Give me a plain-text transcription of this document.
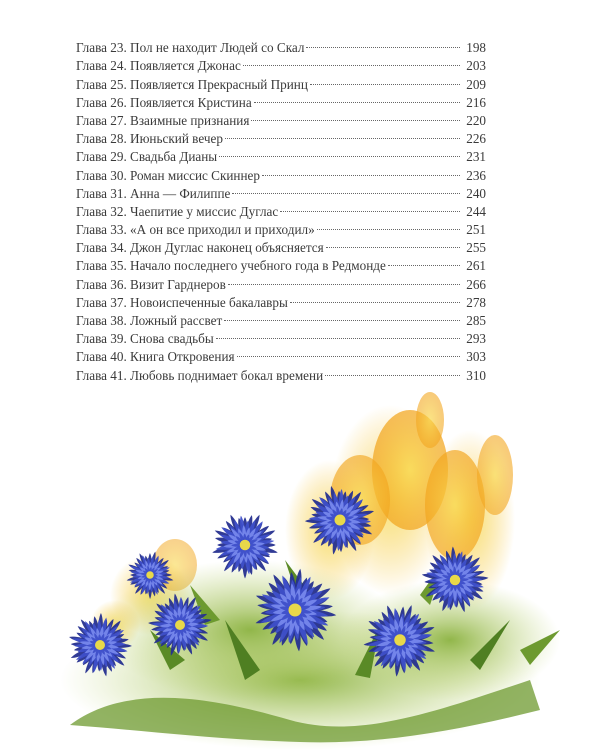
Глава 23. Пол не находит Людей со Скал	198
Глава 24. Появляется Джонас	203
Глава 25. Появляется Прекрасный Принц	209
Глава 26. Появляется Кристина	216
Глава 27. Взаимные признания	220
Глава 28. Июньский вечер	226
Глава 29. Свадьба Дианы	231
Глава 30. Роман миссис Скиннер	236
Глава 31. Анна — Филиппе	240
Глава 32. Чаепитие у миссис Дуглас	244
Глава 33. «А он все приходил и приходил»	251
Глава 34. Джон Дуглас наконец объясняется	255
Глава 35. Начало последнего учебного года в Редмонде	261
Глава 36. Визит Гарднеров	266
Глава 37. Новоиспеченные бакалавры	278
Глава 38. Ложный рассвет	285
Глава 39. Снова свадьбы	293
Глава 40. Книга Откровения	303
Глава 41. Любовь поднимает бокал времени	310
